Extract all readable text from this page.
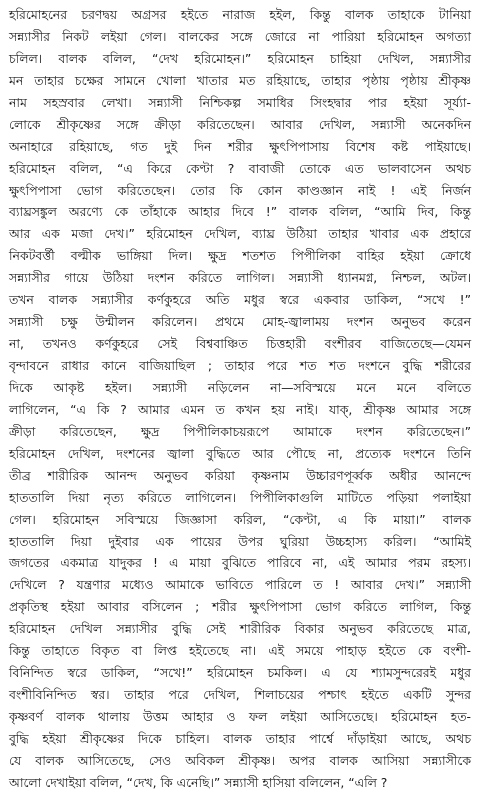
হরিমোহনের চরণদ্বয় অগ্রসর হইতে নারাজ হইল, কিন্তু বালক তাহাকে টানিয়া
সন্ন্যাসীর নিকট লইয়া গেল। বালকের সঙ্গে জোরে না পারিয়া হরিমোহন অগত্যা
চলিল। বালক বলিল, “দেখ হরিমোহন।” হরিমোহন চাহিয়া দেখিল, সন্ন্যাসীর
মন তাহার চক্ষের সামনে খোলা খাতার মত রহিয়াছে, তাহার পৃষ্ঠায় পৃষ্ঠায় শ্রীকৃষ্ণ
নাম সহস্রবার লেখা। সন্ন্যাসী নিশ্চিকল্প সমাধির সিংহদ্বার পার হইয়া সূর্য্যা-
লোকে শ্রীকৃষ্ণের সঙ্গে ক্রীড়া করিতেছেন। আবার দেখিল, সন্ন্যাসী অনেকদিন
অনাহারে রহিয়াছে, গত দুই দিন শরীর ক্ষুৎপিপাসায় বিশেষ কষ্ট পাইয়াছে।
হরিমোহন বলিল, “এ কিরে কেণ্টা ? বাবাজী তোকে এত ভালবাসেন অথচ
ক্ষুৎপিপাসা ভোগ করিতেছেন। তোর কি কোন কাণ্ডজ্ঞান নাই ! এই নির্জন
ব্যাঘ্রসঙ্কুল অরণ্যে কে তাঁহাকে আহার দিবে !” বালক বলিল, “আমি দিব, কিন্তু
আর এক মজা দেখ।” হরিমোহন দেখিল, ব্যাঘ্র উঠিয়া তাহার খাবার এক প্রহারে
নিকটবর্ত্তী বল্মীক ভাঙ্গিয়া দিল। ক্ষুদ্র শতশত পিপীলিকা বাহির হইয়া ক্রোধে
সন্ন্যাসীর গায়ে উঠিয়া দংশন করিতে লাগিল। সন্ন্যাসী ধ্যানমগ্ন, নিশ্চল, অটল।
তখন বালক সন্ন্যাসীর কর্ণকুহরে অতি মধুর স্বরে একবার ডাকিল, “সখে !”
সন্ন্যাসী চক্ষু উন্মীলন করিলেন। প্রথমে মোহ-জ্বালাময় দংশন অনুভব করেন
না, তখনও কর্ণকুহরে সেই বিশ্ববাঞ্চিত চিত্তহারী বংশীরব বাজিতেছে—যেমন
বৃন্দাবনে রাধার কানে বাজিয়াছিল ; তাহার পরে শত শত দংশনে বুদ্ধি শরীরের
দিকে আকৃষ্ট হইল। সন্ন্যাসী নড়িলেন না—সবিস্ময়ে মনে মনে বলিতে
লাগিলেন, “এ কি ? আমার এমন ত কখন হয় নাই। যাক্, শ্রীকৃষ্ণ আমার সঙ্গে
ক্রীড়া করিতেছেন, ক্ষুদ্র পিপীলিকাচয়রূপে আমাকে দংশন করিতেছেন।”
হরিমোহন দেখিল, দংশনের জ্বালা বুদ্ধিতে আর পৌছে না, প্রত্যেক দংশনে তিনি
তীব্র শারীরিক আনন্দ অনুভব করিয়া কৃষ্ণনাম উচ্চারণপূর্ব্বক অধীর আনন্দে
হাততালি দিয়া নৃত্য করিতে লাগিলেন। পিপীলিকাগুলি মাটিতে পড়িয়া পলাইয়া
গেল। হরিমোহন সবিস্ময়ে জিজ্ঞাসা করিল, “কেণ্টা, এ কি মায়া।” বালক
হাততালি দিয়া দুইবার এক পায়ের উপর ঘুরিয়া উচ্চহাস্য করিল। “আমিই
জগতের একমাত্র যাদুকর ! এ মায়া বুঝিতে পারিবে না, এই আমার পরম রহস্য।
দেখিলে ? যন্ত্রণার মধ্যেও আমাকে ভাবিতে পারিলে ত ! আবার দেখ।” সন্ন্যাসী
প্রকৃতিস্থ হইয়া আবার বসিলেন ; শরীর ক্ষুৎপিপাসা ভোগ করিতে লাগিল, কিন্তু
হরিমোহন দেখিল সন্ন্যাসীর বুদ্ধি সেই শারীরিক বিকার অনুভব করিতেছে মাত্র,
কিন্তু তাহাতে বিকৃত বা লিপ্ত হইতেছে না। এই সময়ে পাহাড় হইতে কে বংশী-
বিনিন্দিত স্বরে ডাকিল, “সখে!” হরিমোহন চমকিল। এ যে শ্যামসুন্দরেরই মধুর
বংশীবিনিন্দিত স্বর। তাহার পরে দেখিল, শিলাচয়ের পশ্চাৎ হইতে একটি সুন্দর
কৃষ্ণবর্ণ বালক থালায় উত্তম আহার ও ফল লইয়া আসিতেছে। হরিমোহন হত-
বুদ্ধি হইয়া শ্রীকৃষ্ণের দিকে চাহিল। বালক তাহার পার্শ্বে দাঁড়াইয়া আছে, অথচ
যে বালক আসিতেছে, সেও অবিকল শ্রীকৃষ্ণ। অপর বালক আসিয়া সন্ন্যাসীকে
আলো দেখাইয়া বলিল, “দেখ, কি এনেছি।” সন্ন্যাসী হাসিয়া বলিলেন, “এলি ?
